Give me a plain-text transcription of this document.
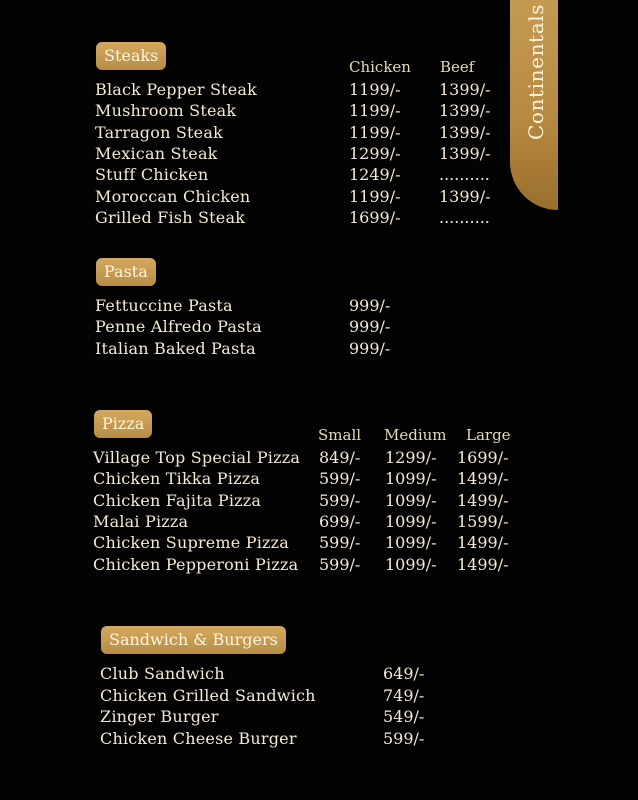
Continentals
Steaks
Chicken Beef
Black Pepper Steak	1199/- 1399/-
Mushroom Steak	1199/- 1399/-
Tarragon Steak	1199/- 1399/-
Mexican Steak	1299/- 1399/-
Stuff Chicken	1249/- ..........
Moroccan Chicken	1199/- 1399/-
Grilled Fish Steak	1699/- ..........
Pasta
Fettuccine Pasta	999/-
Penne Alfredo Pasta	999/-
Italian Baked Pasta	999/-
Pizza
Small Medium Large
Village Top Special Pizza 849/- 1299/- 1699/-
Chicken Tikka Pizza	599/- 1099/- 1499/-
Chicken Fajita Pizza	599/- 1099/- 1499/-
Malai Pizza	699/- 1099/- 1599/-
Chicken Supreme Pizza 599/- 1099/- 1499/-
Chicken Pepperoni Pizza 599/- 1099/- 1499/-
Sandwich & Burgers
Club Sandwich	649/-
Chicken Grilled Sandwich	749/-
Zinger Burger	549/-
Chicken Cheese Burger	599/-
